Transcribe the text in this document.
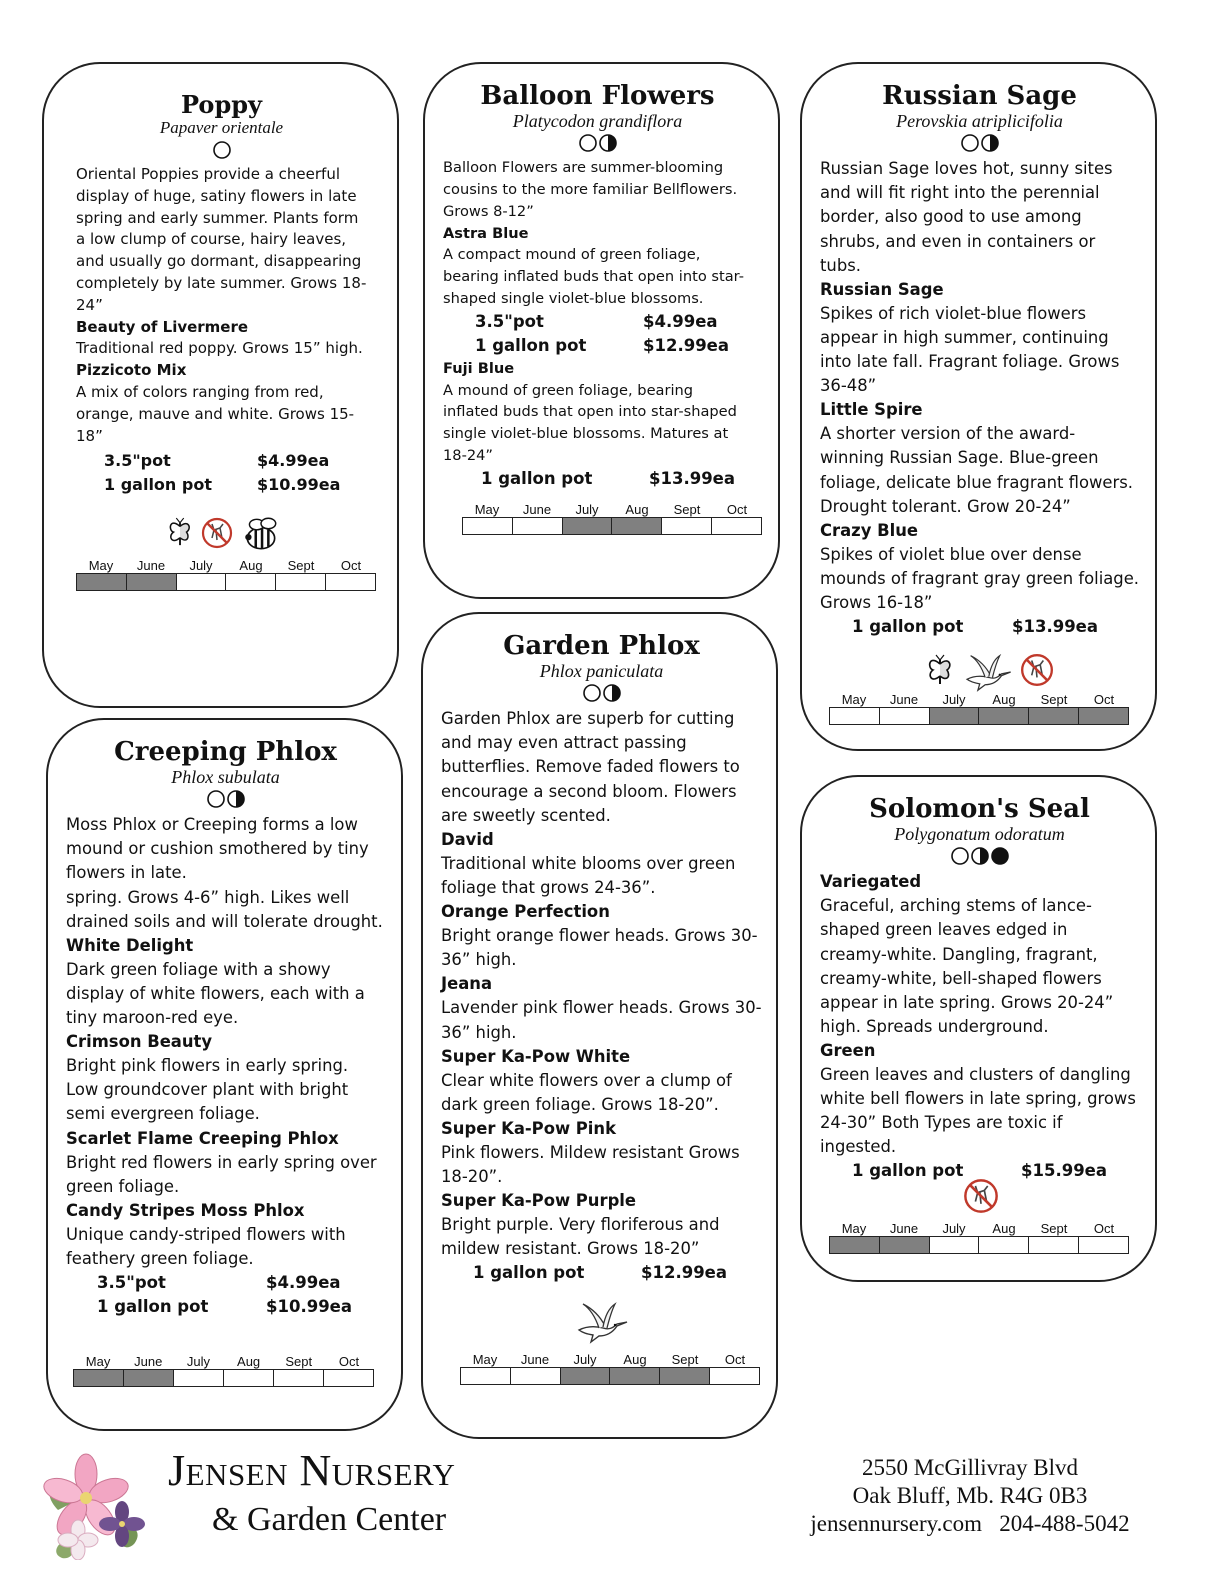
Poppy
Papaver orientale

Oriental Poppies provide a cheerful display of huge, satiny flowers in late spring and early summer. Plants form a low clump of course, hairy leaves, and usually go dormant, disappearing completely by late summer. Grows 18-24”

Beauty of Livermere

Traditional red poppy. Grows 15” high.

Pizzicoto Mix

A mix of colors ranging from red, orange, mauve and white. Grows 15-18”

3.5"pot	$4.99ea
1 gallon pot	$10.99ea
May	June	July	Aug	Sept	Oct
Balloon Flowers
Platycodon grandiflora

Balloon Flowers are summer-blooming cousins to the more familiar Bellflowers. Grows 8-12”

Astra Blue

A compact mound of green foliage, bearing inflated buds that open into star-shaped single violet-blue blossoms.

3.5"pot	$4.99ea
1 gallon pot	$12.99ea

Fuji Blue

A mound of green foliage, bearing inflated buds that open into star-shaped single violet-blue blossoms. Matures at 18-24”

1 gallon pot	$13.99ea
May	June	July	Aug	Sept	Oct
Russian Sage
Perovskia atriplicifolia

Russian Sage loves hot, sunny sites and will fit right into the perennial border, also good to use among shrubs, and even in containers or tubs.

Russian Sage

Spikes of rich violet-blue flowers appear in high summer, continuing into late fall. Fragrant foliage. Grows 36-48”

Little Spire

A shorter version of the award-winning Russian Sage. Blue-green foliage, delicate blue fragrant flowers. Drought tolerant. Grow 20-24”

Crazy Blue

Spikes of violet blue over dense mounds of fragrant gray green foliage. Grows 16-18”

1 gallon pot	$13.99ea
May	June	July	Aug	Sept	Oct
Creeping Phlox
Phlox subulata

Moss Phlox or Creeping forms a low mound or cushion smothered by tiny flowers in late.
spring. Grows 4-6” high. Likes well drained soils and will tolerate drought.

White Delight

Dark green foliage with a showy display of white flowers, each with a tiny maroon-red eye.

Crimson Beauty

Bright pink flowers in early spring. Low groundcover plant with bright semi evergreen foliage.

Scarlet Flame Creeping Phlox

Bright red flowers in early spring over green foliage.

Candy Stripes Moss Phlox

Unique candy-striped flowers with feathery green foliage.

3.5"pot	$4.99ea
1 gallon pot	$10.99ea
May	June	July	Aug	Sept	Oct
Garden Phlox
Phlox paniculata

Garden Phlox are superb for cutting and may even attract passing butterflies. Remove faded flowers to encourage a second bloom. Flowers are sweetly scented.

David

Traditional white blooms over green foliage that grows 24-36”.

Orange Perfection

Bright orange flower heads. Grows 30-36” high.

Jeana

Lavender pink flower heads. Grows 30-36” high.

Super Ka-Pow White

Clear white flowers over a clump of dark green foliage. Grows 18-20”.

Super Ka-Pow Pink

Pink flowers. Mildew resistant Grows 18-20”.

Super Ka-Pow Purple

Bright purple. Very floriferous and mildew resistant. Grows 18-20”

1 gallon pot	$12.99ea
May	June	July	Aug	Sept	Oct
Solomon's Seal
Polygonatum odoratum

Variegated

Graceful, arching stems of lance-shaped green leaves edged in creamy-white. Dangling, fragrant, creamy-white, bell-shaped flowers appear in late spring. Grows 20-24” high. Spreads underground.

Green

Green leaves and clusters of dangling white bell flowers in late spring, grows 24-30” Both Types are toxic if ingested.

1 gallon pot	$15.99ea
May	June	July	Aug	Sept	Oct
Jensen Nursery
& Garden Center
2550 McGillivray Blvd
Oak Bluff, Mb. R4G 0B3
jensennursery.com 204-488-5042
